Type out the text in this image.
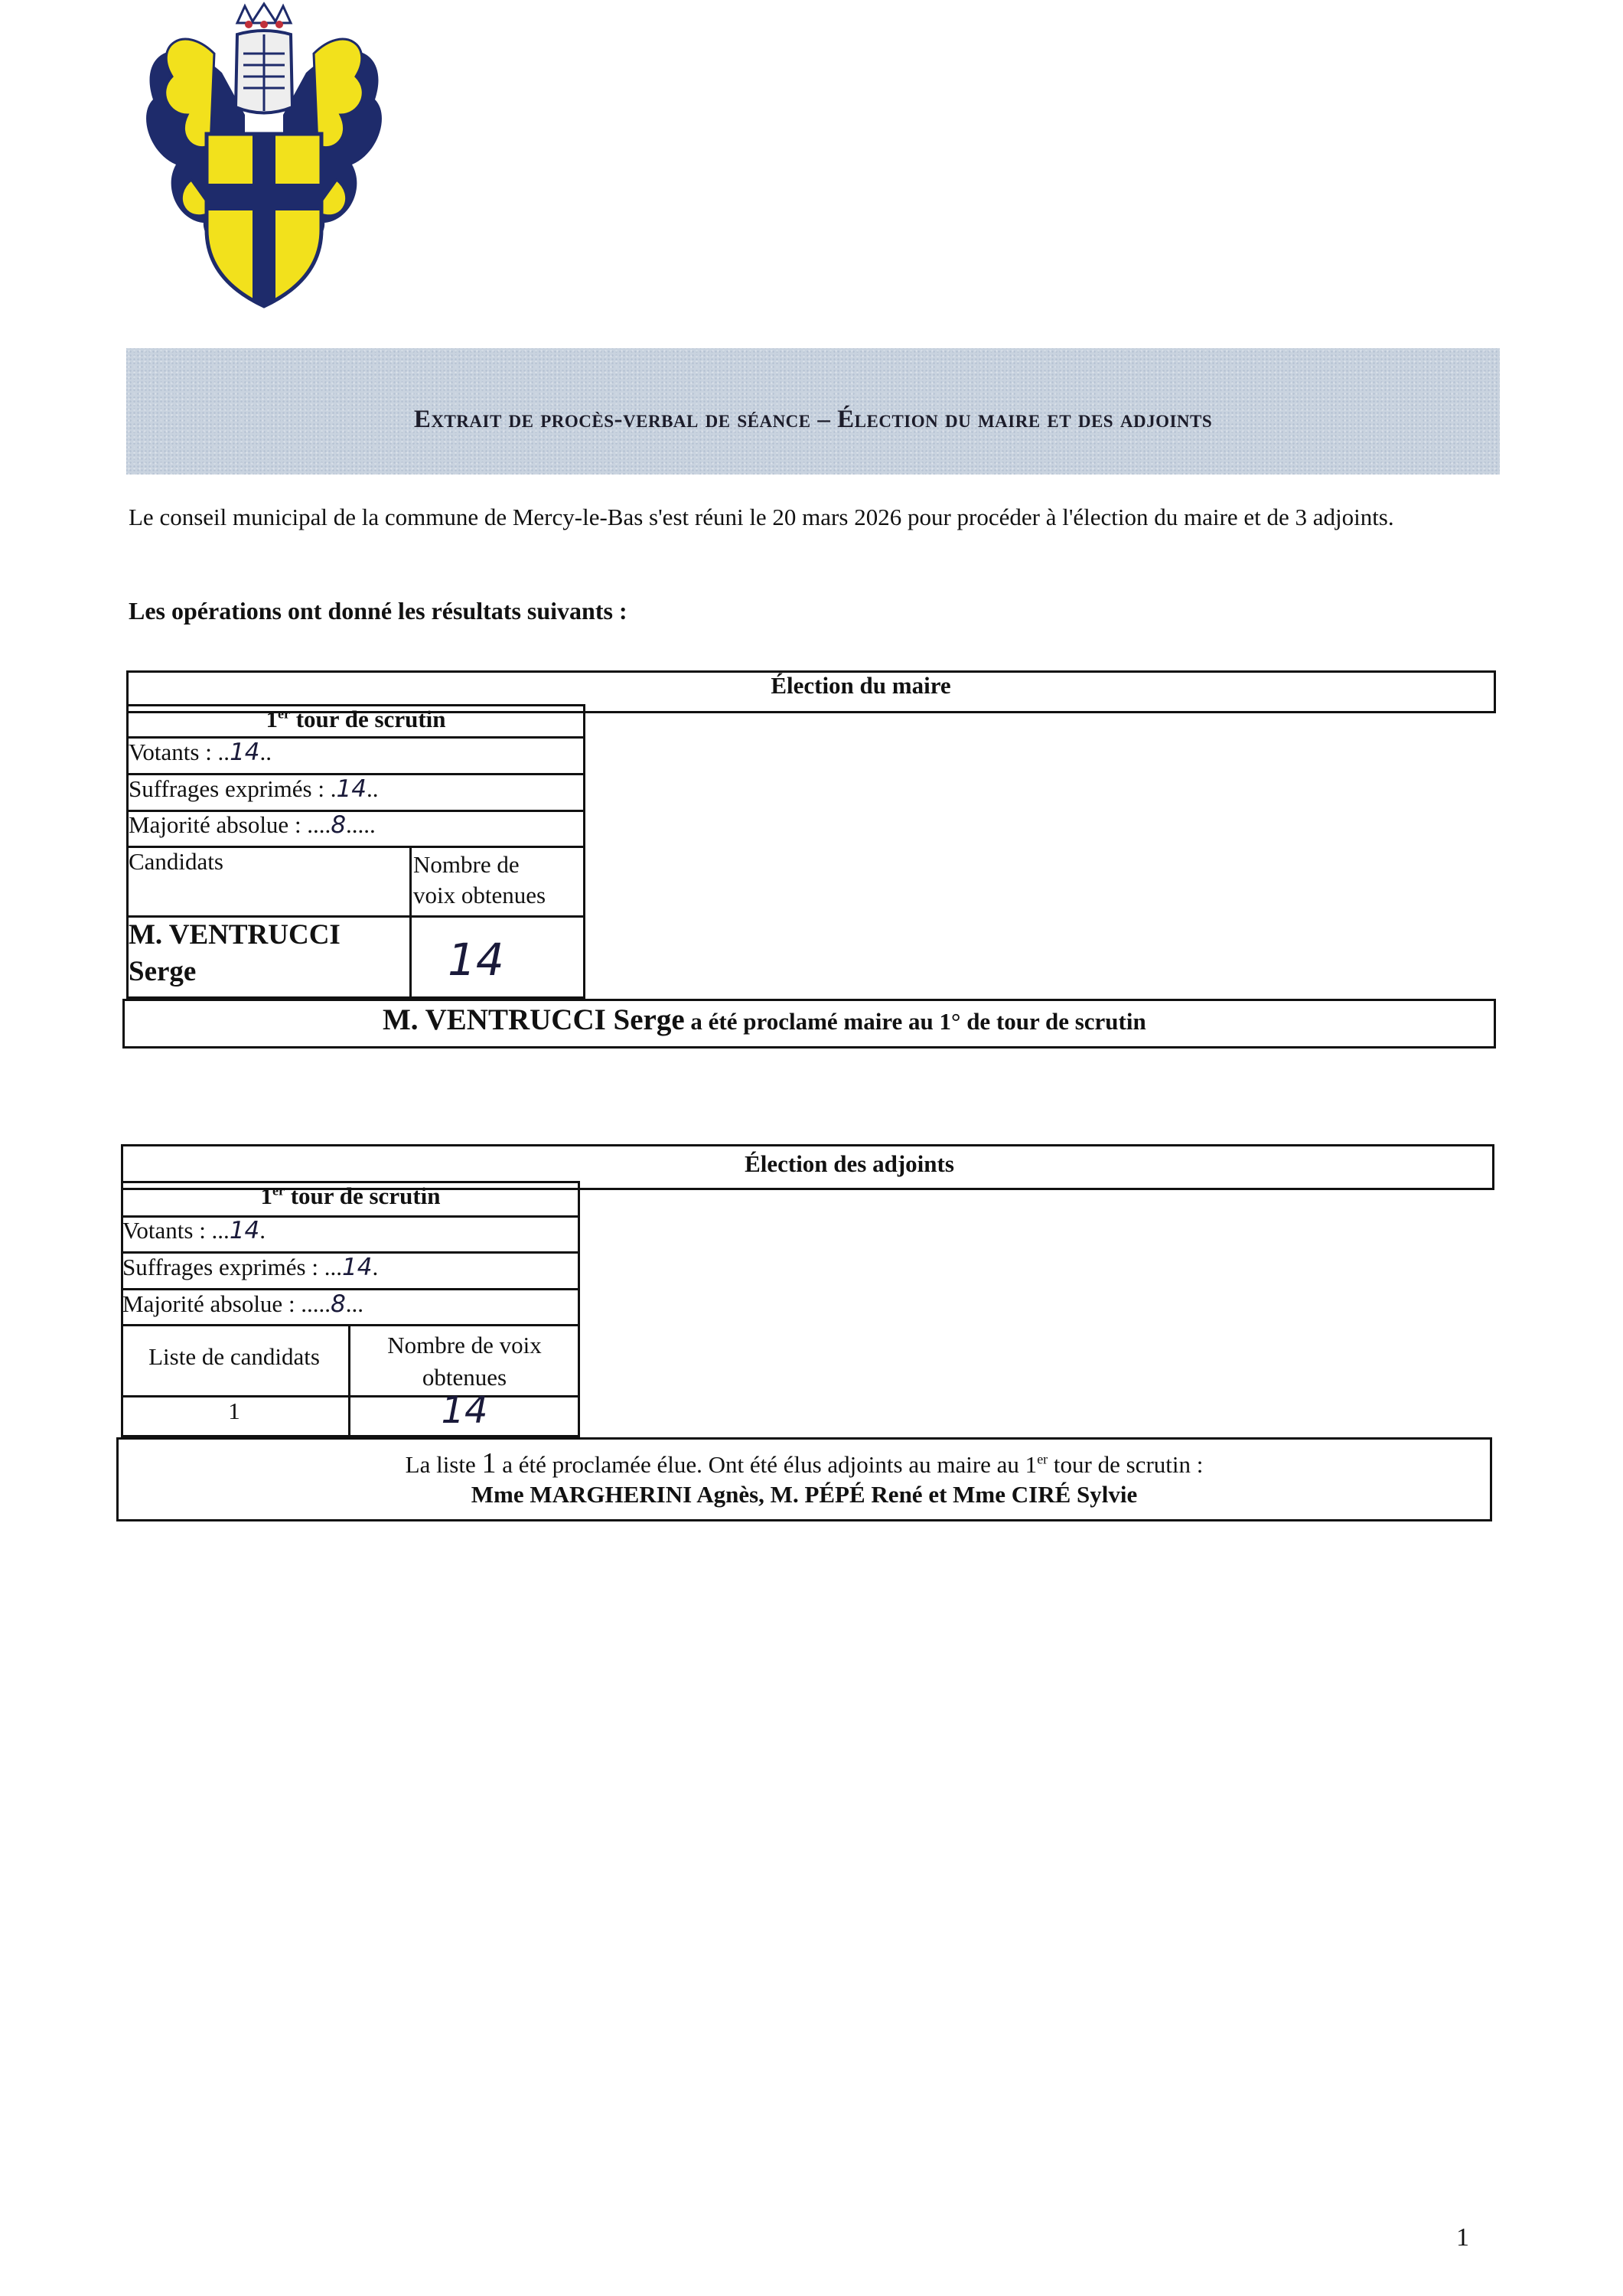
Extrait de procès-verbal de séance – Élection du maire et des adjoints
Le conseil municipal de la commune de Mercy-le-Bas s'est réuni le 20 mars 2026 pour procéder à l'élection du maire et de 3 adjoints.
Les opérations ont donné les résultats suivants :
Élection du maire
1er tour de scrutin
Votants : ..14..
Suffrages exprimés : .14..
Majorité absolue : ....8.....
Candidats	Nombre de
voix obtenues
M. VENTRUCCI
Serge	14
M. VENTRUCCI Serge a été proclamé maire au 1° de tour de scrutin
Élection des adjoints
1er tour de scrutin
Votants : ...14.
Suffrages exprimés : ...14.
Majorité absolue : .....8...
Liste de candidats	Nombre de voix
obtenues
1	14
La liste 1 a été proclamée élue. Ont été élus adjoints au maire au 1er tour de scrutin :
Mme MARGHERINI Agnès, M. PÉPÉ René et Mme CIRÉ Sylvie
1
